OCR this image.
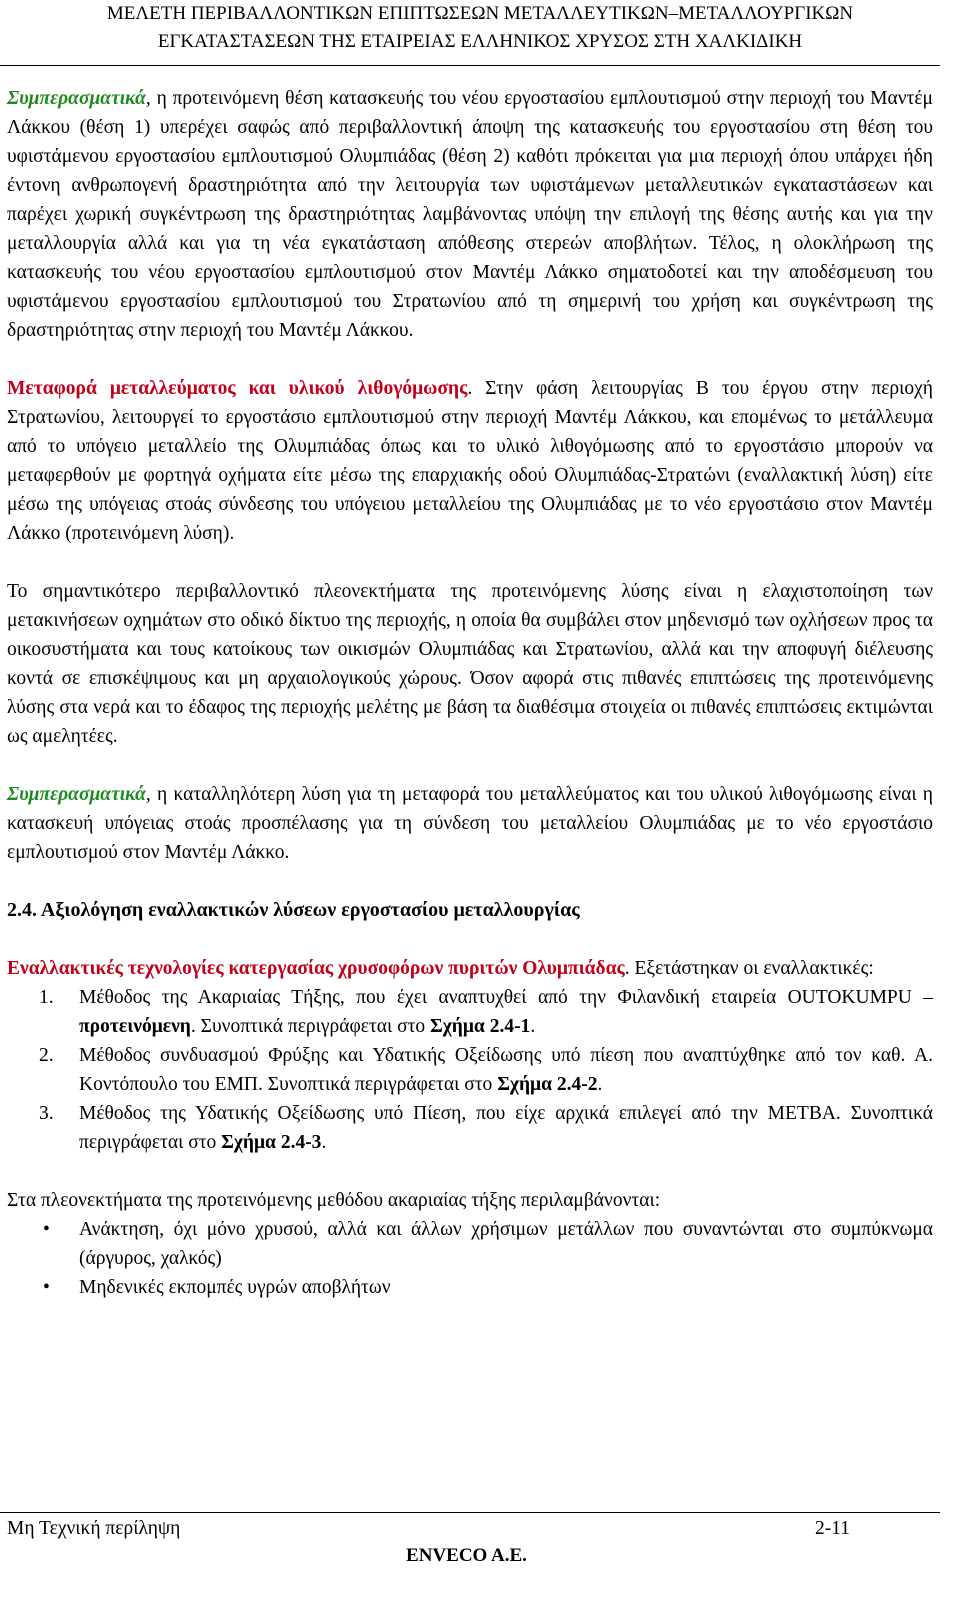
ΜΕΛΕΤΗ ΠΕΡΙΒΑΛΛΟΝΤΙΚΩΝ ΕΠΙΠΤΩΣΕΩΝ ΜΕΤΑΛΛΕΥΤΙΚΩΝ–ΜΕΤΑΛΛΟΥΡΓΙΚΩΝ
ΕΓΚΑΤΑΣΤΑΣΕΩΝ ΤΗΣ ΕΤΑΙΡΕΙΑΣ ΕΛΛΗΝΙΚΟΣ ΧΡΥΣΟΣ ΣΤΗ ΧΑΛΚΙΔΙΚΗ

Συμπερασματικά, η προτεινόμενη θέση κατασκευής του νέου εργοστασίου εμπλουτισμού στην περιοχή του Μαντέμ Λάκκου (θέση 1) υπερέχει σαφώς από περιβαλλοντική άποψη της κατασκευής του εργοστασίου στη θέση του υφιστάμενου εργοστασίου εμπλουτισμού Ολυμπιάδας (θέση 2) καθότι πρόκειται για μια περιοχή όπου υπάρχει ήδη έντονη ανθρωπογενή δραστηριότητα από την λειτουργία των υφιστάμενων μεταλλευτικών εγκαταστάσεων και παρέχει χωρική συγκέντρωση της δραστηριότητας λαμβάνοντας υπόψη την επιλογή της θέσης αυτής και για την μεταλλουργία αλλά και για τη νέα εγκατάσταση απόθεσης στερεών αποβλήτων. Τέλος, η ολοκλήρωση της κατασκευής του νέου εργοστασίου εμπλουτισμού στον Μαντέμ Λάκκο σηματοδοτεί και την αποδέσμευση του υφιστάμενου εργοστασίου εμπλουτισμού του Στρατωνίου από τη σημερινή του χρήση και συγκέντρωση της δραστηριότητας στην περιοχή του Μαντέμ Λάκκου.

Μεταφορά μεταλλεύματος και υλικού λιθογόμωσης. Στην φάση λειτουργίας Β του έργου στην περιοχή Στρατωνίου, λειτουργεί το εργοστάσιο εμπλουτισμού στην περιοχή Μαντέμ Λάκκου, και επομένως το μετάλλευμα από το υπόγειο μεταλλείο της Ολυμπιάδας όπως και το υλικό λιθογόμωσης από το εργοστάσιο μπορούν να μεταφερθούν με φορτηγά οχήματα είτε μέσω της επαρχιακής οδού Ολυμπιάδας-Στρατώνι (εναλλακτική λύση) είτε μέσω της υπόγειας στοάς σύνδεσης του υπόγειου μεταλλείου της Ολυμπιάδας με το νέο εργοστάσιο στον Μαντέμ Λάκκο (προτεινόμενη λύση).

Το σημαντικότερο περιβαλλοντικό πλεονεκτήματα της προτεινόμενης λύσης είναι η ελαχιστοποίηση των μετακινήσεων οχημάτων στο οδικό δίκτυο της περιοχής, η οποία θα συμβάλει στον μηδενισμό των οχλήσεων προς τα οικοσυστήματα και τους κατοίκους των οικισμών Ολυμπιάδας και Στρατωνίου, αλλά και την αποφυγή διέλευσης κοντά σε επισκέψιμους και μη αρχαιολογικούς χώρους. Όσον αφορά στις πιθανές επιπτώσεις της προτεινόμενης λύσης στα νερά και το έδαφος της περιοχής μελέτης με βάση τα διαθέσιμα στοιχεία οι πιθανές επιπτώσεις εκτιμώνται ως αμελητέες.

Συμπερασματικά, η καταλληλότερη λύση για τη μεταφορά του μεταλλεύματος και του υλικού λιθογόμωσης είναι η κατασκευή υπόγειας στοάς προσπέλασης για τη σύνδεση του μεταλλείου Ολυμπιάδας με το νέο εργοστάσιο εμπλουτισμού στον Μαντέμ Λάκκο.

2.4. Αξιολόγηση εναλλακτικών λύσεων εργοστασίου μεταλλουργίας

Εναλλακτικές τεχνολογίες κατεργασίας χρυσοφόρων πυριτών Ολυμπιάδας. Εξετάστηκαν οι εναλλακτικές:

1.	Μέθοδος της Ακαριαίας Τήξης, που έχει αναπτυχθεί από την Φιλανδική εταιρεία OUTOKUMPU – προτεινόμενη. Συνοπτικά περιγράφεται στο Σχήμα 2.4-1.
2.	Μέθοδος συνδυασμού Φρύξης και Υδατικής Οξείδωσης υπό πίεση που αναπτύχθηκε από τον καθ. Α. Κοντόπουλο του ΕΜΠ. Συνοπτικά περιγράφεται στο Σχήμα 2.4-2.
3.	Μέθοδος της Υδατικής Οξείδωσης υπό Πίεση, που είχε αρχικά επιλεγεί από την ΜΕΤΒΑ. Συνοπτικά περιγράφεται στο Σχήμα 2.4-3.

Στα πλεονεκτήματα της προτεινόμενης μεθόδου ακαριαίας τήξης περιλαμβάνονται:

•	Ανάκτηση, όχι μόνο χρυσού, αλλά και άλλων χρήσιμων μετάλλων που συναντώνται στο συμπύκνωμα (άργυρος, χαλκός)
•	Μηδενικές εκπομπές υγρών αποβλήτων
Μη Τεχνική περίληψη	2-11
ENVECO A.E.
